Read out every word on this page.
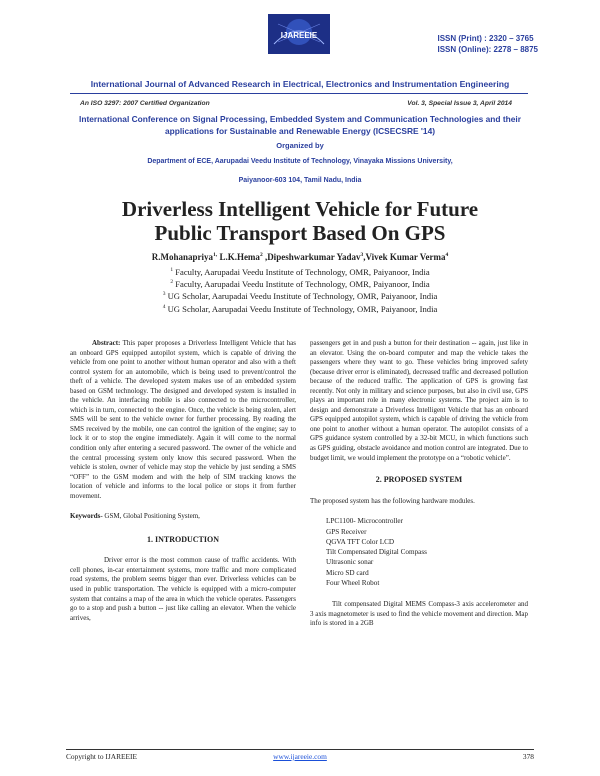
IJAREEIE	ISSN (Print) : 2320 – 3765
ISSN (Online): 2278 – 8875
International Journal of Advanced Research in Electrical, Electronics and Instrumentation Engineering
An ISO 3297: 2007 Certified Organization	Vol. 3, Special Issue 3, April 2014
International Conference on Signal Processing, Embedded System and Communication Technologies and their applications for Sustainable and Renewable Energy (ICSECSRE '14)
Organized by
Department of ECE, Aarupadai Veedu Institute of Technology, Vinayaka Missions University,
Paiyanoor-603 104, Tamil Nadu, India
Driverless Intelligent Vehicle for Future
Public Transport Based On GPS
R.Mohanapriya$^{1,}$ L.K.Hema$^2$ ,Dipeshwarkumar Yadav$^3$,Vivek Kumar Verma$^4$
$^1$ Faculty, Aarupadai Veedu Institute of Technology, OMR, Paiyanoor, India
$^2$ Faculty, Aarupadai Veedu Institute of Technology, OMR, Paiyanoor, India
$^3$ UG Scholar, Aarupadai Veedu Institute of Technology, OMR, Paiyanoor, India
$^4$ UG Scholar, Aarupadai Veedu Institute of Technology, OMR, Paiyanoor, India

Abstract: This paper proposes a Driverless Intelligent Vehicle that has an onboard GPS equipped autopilot system, which is capable of driving the vehicle from one point to another without human operator and also with a theft control system for an automobile, which is being used to prevent/control the theft of a vehicle. The developed system makes use of an embedded system based on GSM technology. The designed and developed system is installed in the vehicle. An interfacing mobile is also connected to the microcontroller, which is in turn, connected to the engine. Once, the vehicle is being stolen, alert SMS will be sent to the vehicle owner for further processing. By reading the SMS received by the mobile, one can control the ignition of the engine; say to lock it or to stop the engine immediately. Again it will come to the normal condition only after entering a secured password. The owner of the vehicle and the central processing system only know this secured password. When the vehicle is stolen, owner of vehicle may stop the vehicle by just sending a SMS “OFF” to the GSM modem and with the help of SIM tracking knows the location of vehicle and informs to the local police or stops it from further movement.

Keywords- GSM, Global Positioning System,

1. INTRODUCTION

Driver error is the most common cause of traffic accidents. With cell phones, in-car entertainment systems, more traffic and more complicated road systems, the problem seems bigger than ever. Driverless vehicles can be used in public transportation. The vehicle is equipped with a micro-computer system that contains a map of the area in which the vehicle operates. Passengers go to a stop and push a button -- just like calling an elevator. When the vehicle arrives,

passengers get in and push a button for their destination -- again, just like in an elevator. Using the on-board computer and map the vehicle takes the passengers where they want to go. These vehicles bring improved safety (because driver error is eliminated), decreased traffic and decreased pollution because of the reduced traffic. The application of GPS is growing fast recently. Not only in military and science purposes, but also in civil use, GPS plays an important role in many electronic systems. The project aim is to design and demonstrate a Driverless Intelligent Vehicle that has an onboard GPS equipped autopilot system, which is capable of driving the vehicle from one point to another without a human operator. The autopilot consists of a GPS guidance system controlled by a 32-bit MCU, in which functions such as GPS guiding, obstacle avoidance and motion control are integrated. Due to budget limit, we would implement the prototype on a “robotic vehicle”.

2. PROPOSED SYSTEM

The proposed system has the following hardware modules.

LPC1100- Microcontroller
GPS Receiver
QGVA TFT Color LCD
Tilt Compensated Digital Compass
Ultrasonic sonar
Micro SD card
Four Wheel Robot

Tilt compensated Digital MEMS Compass-3 axis accelerometer and 3 axis magnetometer is used to find the vehicle movement and direction. Map info is stored in a 2GB

Copyright to IJAREEIE	www.ijareeie.com	378
